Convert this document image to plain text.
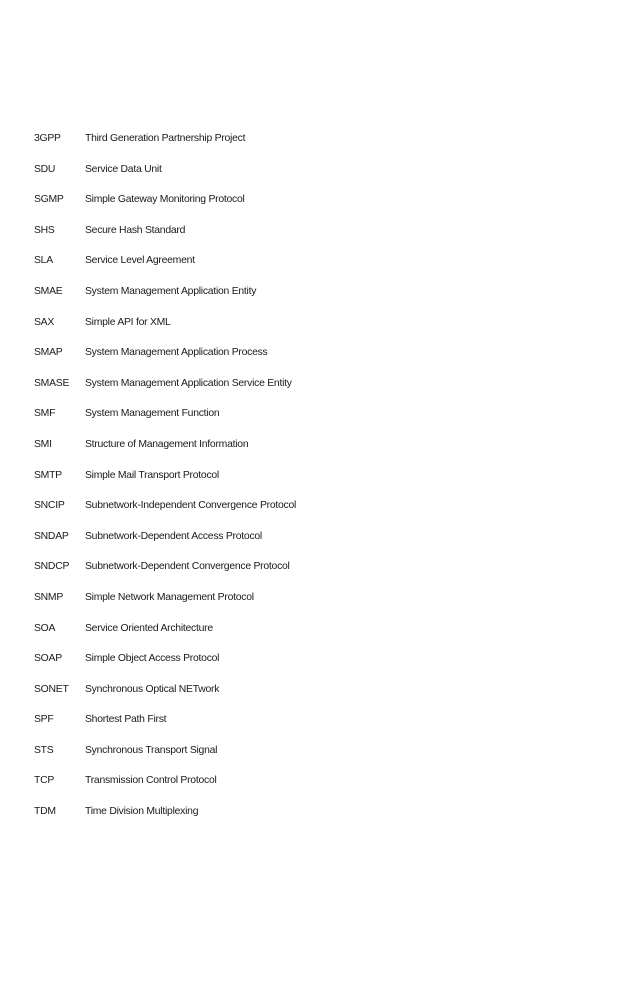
3GPP	Third Generation Partnership Project
SDU	Service Data Unit
SGMP	Simple Gateway Monitoring Protocol
SHS	Secure Hash Standard
SLA	Service Level Agreement
SMAE	System Management Application Entity
SAX	Simple API for XML
SMAP	System Management Application Process
SMASE	System Management Application Service Entity
SMF	System Management Function
SMI	Structure of Management Information
SMTP	Simple Mail Transport Protocol
SNCIP	Subnetwork-Independent Convergence Protocol
SNDAP	Subnetwork-Dependent Access Protocol
SNDCP	Subnetwork-Dependent Convergence Protocol
SNMP	Simple Network Management Protocol
SOA	Service Oriented Architecture
SOAP	Simple Object Access Protocol
SONET	Synchronous Optical NETwork
SPF	Shortest Path First
STS	Synchronous Transport Signal
TCP	Transmission Control Protocol
TDM	Time Division Multiplexing
